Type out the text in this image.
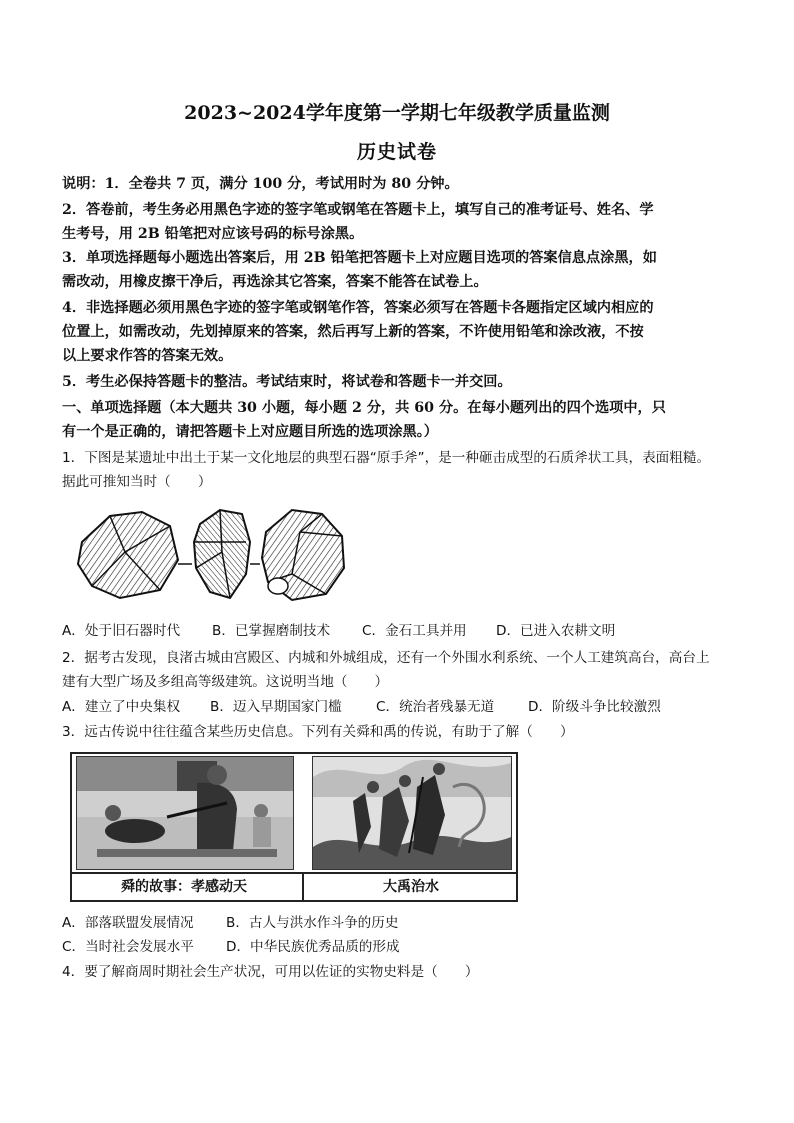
2023~2024学年度第一学期七年级教学质量监测
历史试卷
说明：1．全卷共 7 页，满分 100 分，考试用时为 80 分钟。
2．答卷前，考生务必用黑色字迹的签字笔或钢笔在答题卡上，填写自己的准考证号、姓名、学
生考号，用 2B 铅笔把对应该号码的标号涂黑。
3．单项选择题每小题选出答案后，用 2B 铅笔把答题卡上对应题目选项的答案信息点涂黑，如
需改动，用橡皮擦干净后，再选涂其它答案，答案不能答在试卷上。
4．非选择题必须用黑色字迹的签字笔或钢笔作答，答案必须写在答题卡各题指定区域内相应的
位置上，如需改动，先划掉原来的答案，然后再写上新的答案，不许使用铅笔和涂改液，不按
以上要求作答的答案无效。
5．考生必保持答题卡的整洁。考试结束时，将试卷和答题卡一并交回。
一、单项选择题（本大题共 30 小题，每小题 2 分，共 60 分。在每小题列出的四个选项中，只
有一个是正确的，请把答题卡上对应题目所选的选项涂黑。）
1．下图是某遗址中出土于某一文化地层的典型石器“原手斧”，是一种砸击成型的石质斧状工具，表面粗糙。
据此可推知当时（　　）
A．处于旧石器时代 B．已掌握磨制技术 C．金石工具并用 D．已进入农耕文明
2．据考古发现，良渚古城由宫殿区、内城和外城组成，还有一个外围水利系统、一个人工建筑高台，高台上
建有大型广场及多组高等级建筑。这说明当地（　　）
A．建立了中央集权 B．迈入早期国家门槛	C．统治者残暴无道 D．阶级斗争比较激烈
3．远古传说中往往蕴含某些历史信息。下列有关舜和禹的传说，有助于了解（　　）
舜的故事：孝感动天	大禹治水
A．部落联盟发展情况 B．古人与洪水作斗争的历史
C．当时社会发展水平 D．中华民族优秀品质的形成
4．要了解商周时期社会生产状况，可用以佐证的实物史料是（　　）
